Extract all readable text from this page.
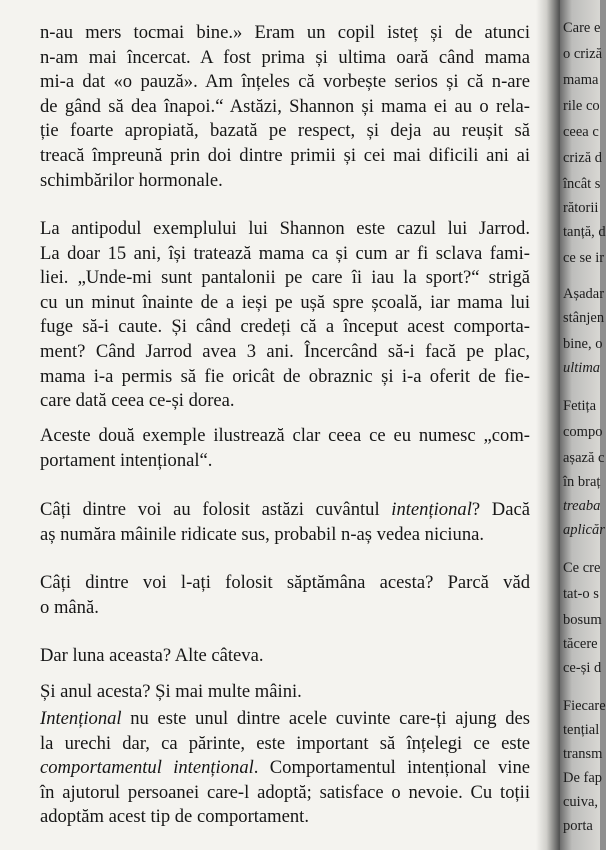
n-au mers tocmai bine.» Eram un copil isteț și de atunci
n-am mai încercat. A fost prima și ultima oară când mama
mi-a dat «o pauză». Am înțeles că vorbește serios și că n-are
de gând să dea înapoi.“ Astăzi, Shannon și mama ei au o rela-
ție foarte apropiată, bazată pe respect, și deja au reușit să
treacă împreună prin doi dintre primii și cei mai dificili ani ai
schimbărilor hormonale.

La antipodul exemplului lui Shannon este cazul lui Jarrod.
La doar 15 ani, își tratează mama ca și cum ar fi sclava fami-
liei. „Unde-mi sunt pantalonii pe care îi iau la sport?“ strigă
cu un minut înainte de a ieși pe ușă spre școală, iar mama lui
fuge să-i caute. Și când credeți că a început acest comporta-
ment? Când Jarrod avea 3 ani. Încercând să-i facă pe plac,
mama i-a permis să fie oricât de obraznic și i-a oferit de fie-
care dată ceea ce-și dorea.

Aceste două exemple ilustrează clar ceea ce eu numesc „com-
portament intențional“.

Câți dintre voi au folosit astăzi cuvântul intențional? Dacă
aș număra mâinile ridicate sus, probabil n-aș vedea niciuna.

Câți dintre voi l-ați folosit săptămâna acesta? Parcă văd
o mână.

Dar luna aceasta? Alte câteva.

Și anul acesta? Și mai multe mâini.

Intențional nu este unul dintre acele cuvinte care-ți ajung des
la urechi dar, ca părinte, este important să înțelegi ce este
comportamentul intențional. Comportamentul intențional vine
în ajutorul persoanei care-l adoptă; satisface o nevoie. Cu toții
adoptăm acest tip de comportament.

Care e
o criză
mama
rile co
ceea c
criză d
încât s
rătorii
tanță, d
ce se ir
Așadar
stânjen
bine, o
ultima
Fetița
compo
așază c
în braț
treaba
aplicăr
Ce cre
tat-o s
bosum
tăcere
ce-și d
Fiecare
tențial
transm
De fap
cuiva,
porta
